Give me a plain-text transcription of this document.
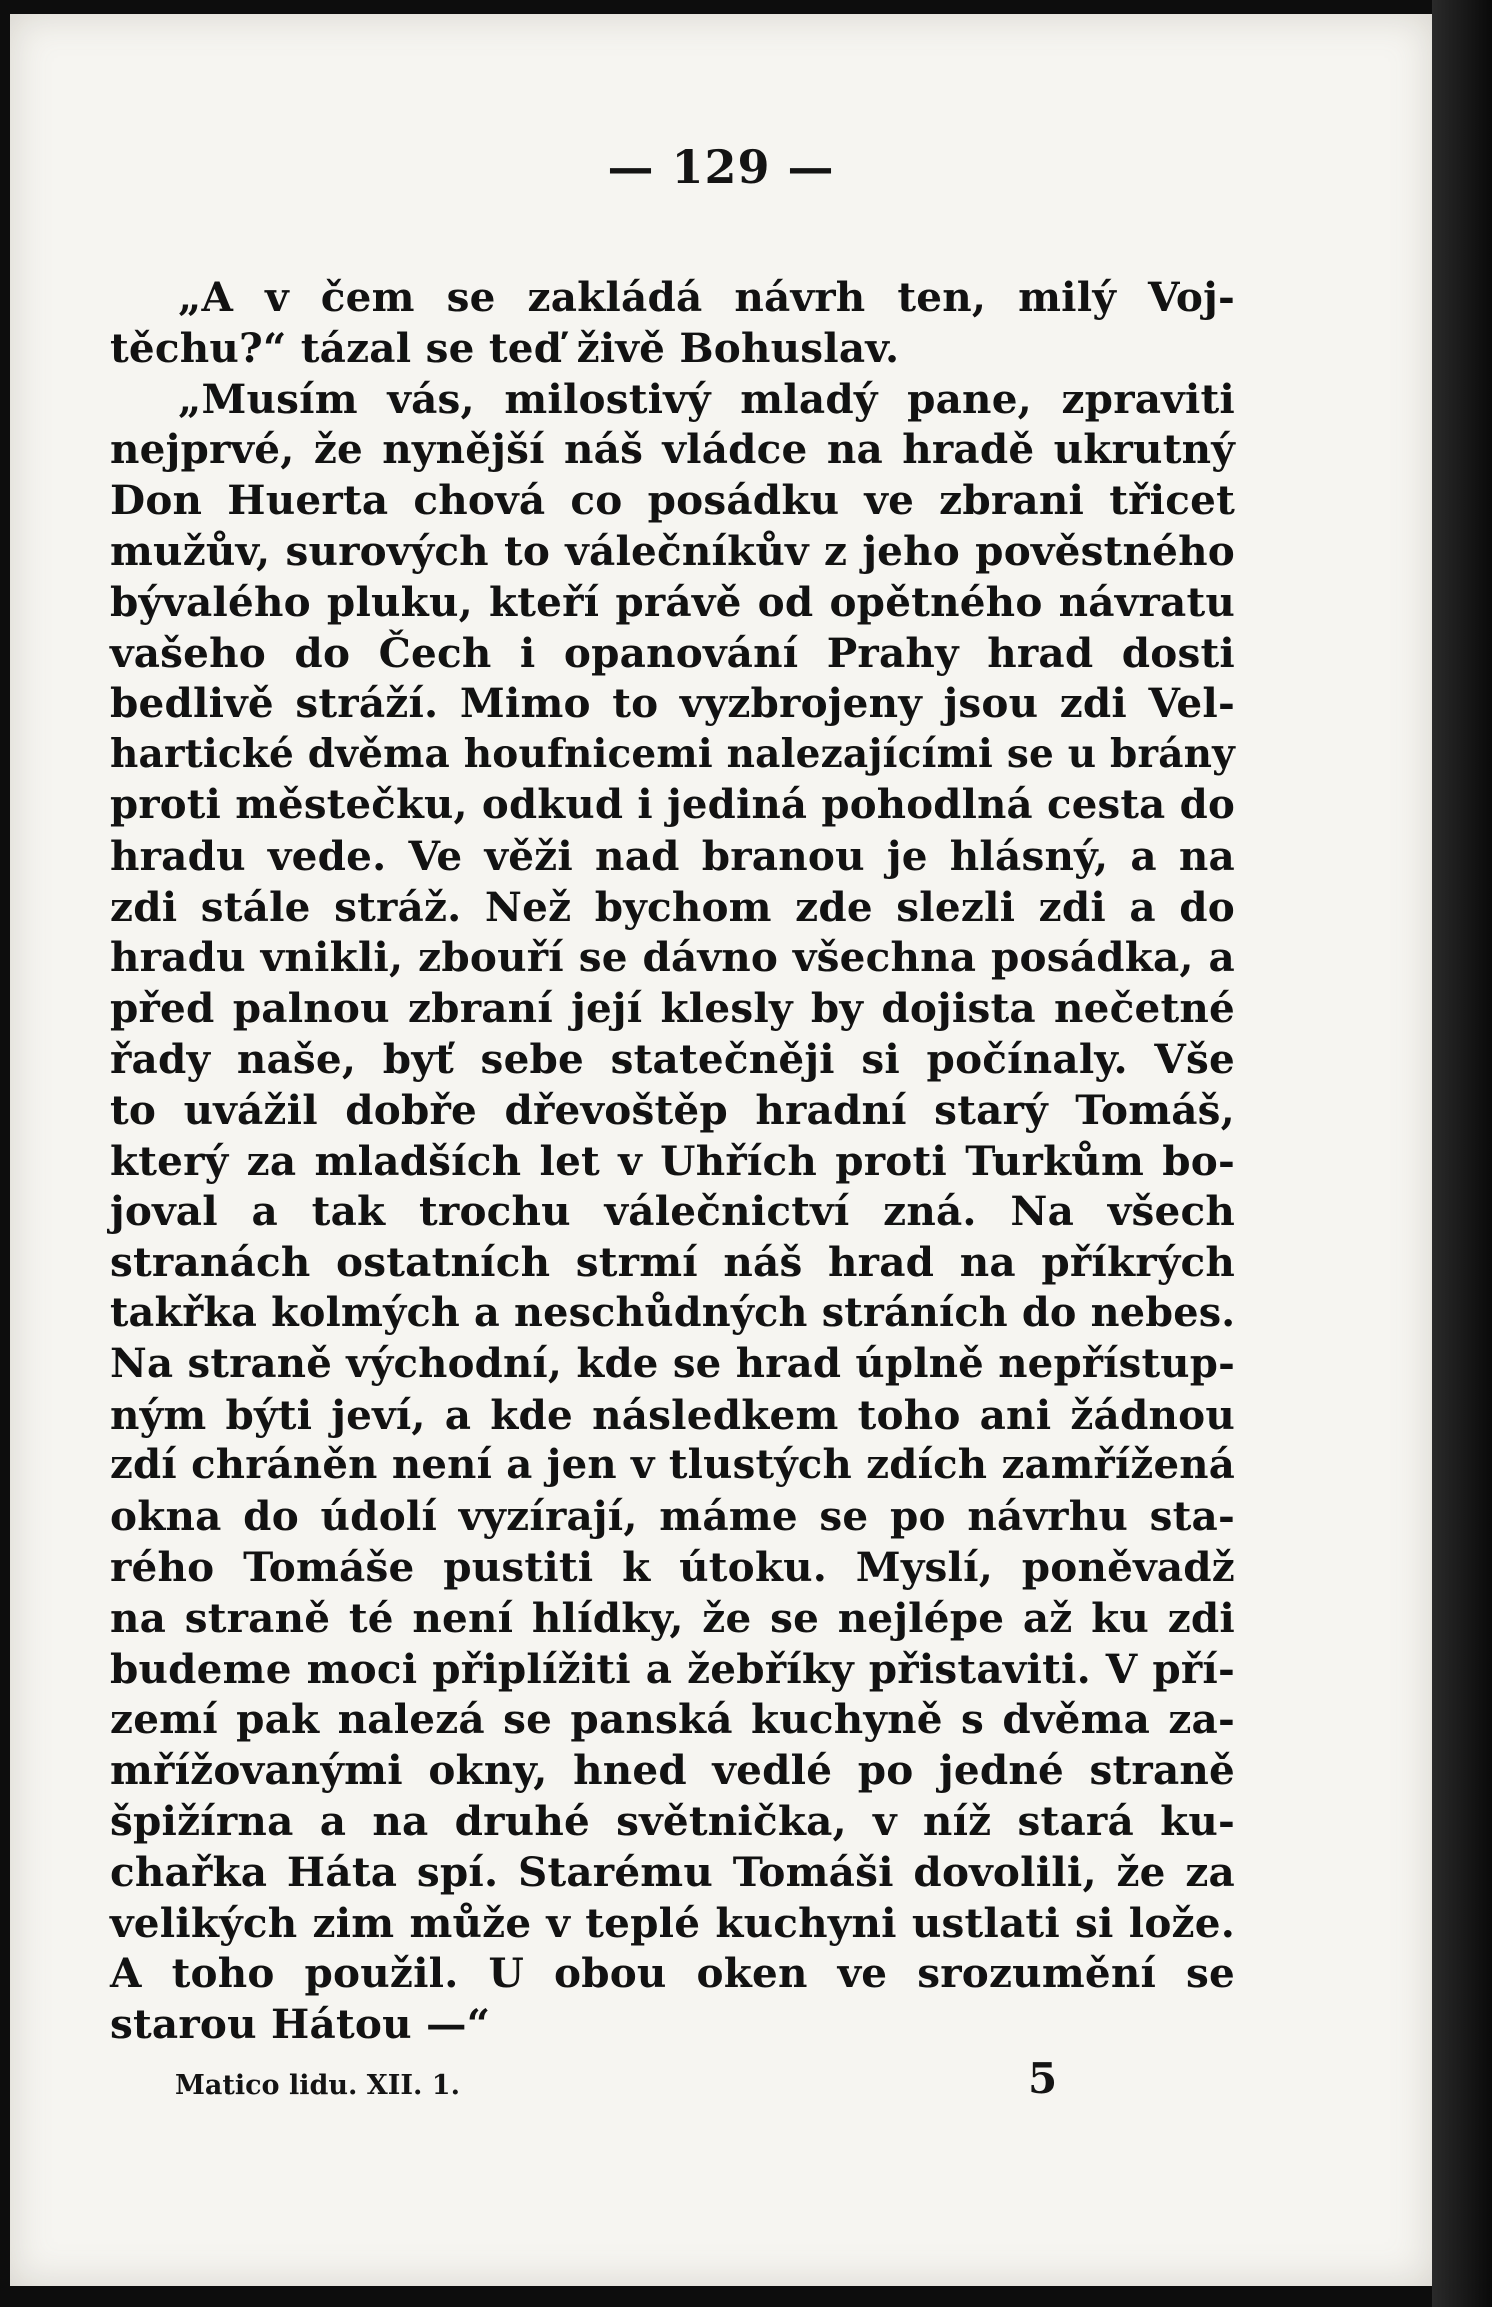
— 129 —
„A v čem se zakládá návrh ten, milý Voj-
těchu?“ tázal se teď živě Bohuslav.
„Musím vás, milostivý mladý pane, zpraviti
nejprvé, že nynější náš vládce na hradě ukrutný
Don Huerta chová co posádku ve zbrani třicet
mužův, surových to válečníkův z jeho pověstného
bývalého pluku, kteří právě od opětného návratu
vašeho do Čech i opanování Prahy hrad dosti
bedlivě stráží. Mimo to vyzbrojeny jsou zdi Vel-
hartické dvěma houfnicemi nalezajícími se u brány
proti městečku, odkud i jediná pohodlná cesta do
hradu vede. Ve věži nad branou je hlásný, a na
zdi stále stráž. Než bychom zde slezli zdi a do
hradu vnikli, zbouří se dávno všechna posádka, a
před palnou zbraní její klesly by dojista nečetné
řady naše, byť sebe statečněji si počínaly. Vše
to uvážil dobře dřevoštěp hradní starý Tomáš,
který za mladších let v Uhřích proti Turkům bo-
joval a tak trochu válečnictví zná. Na všech
stranách ostatních strmí náš hrad na příkrých
takřka kolmých a neschůdných stráních do nebes.
Na straně východní, kde se hrad úplně nepřístup-
ným býti jeví, a kde následkem toho ani žádnou
zdí chráněn není a jen v tlustých zdích zamřížená
okna do údolí vyzírají, máme se po návrhu sta-
rého Tomáše pustiti k útoku. Myslí, poněvadž
na straně té není hlídky, že se nejlépe až ku zdi
budeme moci připlížiti a žebříky přistaviti. V pří-
zemí pak nalezá se panská kuchyně s dvěma za-
mřížovanými okny, hned vedlé po jedné straně
špižírna a na druhé světnička, v níž stará ku-
chařka Háta spí. Starému Tomáši dovolili, že za
velikých zim může v teplé kuchyni ustlati si lože.
A toho použil. U obou oken ve srozumění se
starou Hátou —“
Matico lidu. XII. 1.	5
